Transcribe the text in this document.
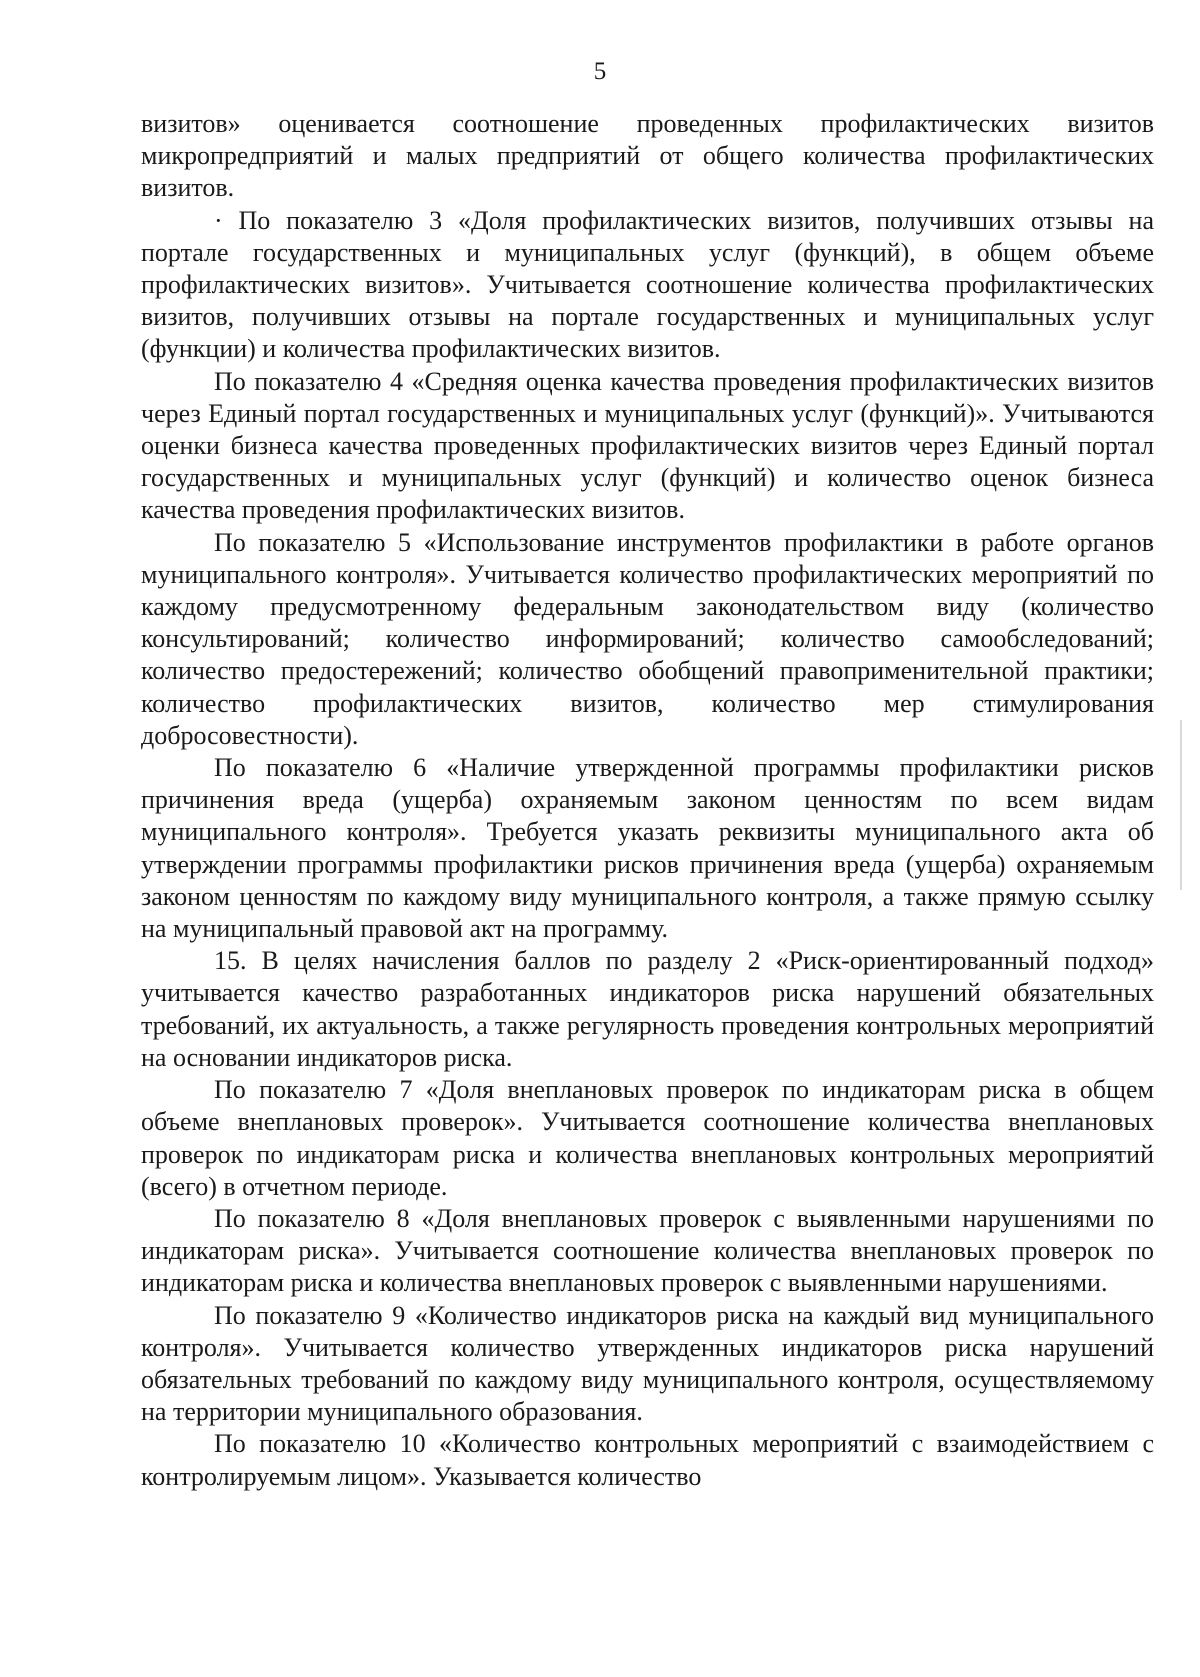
5

визитов» оценивается соотношение проведенных профилактических визитов микропредприятий и малых предприятий от общего количества профилактических визитов.

· По показателю 3 «Доля профилактических визитов, получивших отзывы на портале государственных и муниципальных услуг (функций), в общем объеме профилактических визитов». Учитывается соотношение количества профилактических визитов, получивших отзывы на портале государственных и муниципальных услуг (функции) и количества профилактических визитов.

По показателю 4 «Средняя оценка качества проведения профилактических визитов через Единый портал государственных и муниципальных услуг (функций)». Учитываются оценки бизнеса качества проведенных профилактических визитов через Единый портал государственных и муниципальных услуг (функций) и количество оценок бизнеса качества проведения профилактических визитов.

По показателю 5 «Использование инструментов профилактики в работе органов муниципального контроля». Учитывается количество профилактических мероприятий по каждому предусмотренному федеральным законодательством виду (количество консультирований; количество информирований; количество самообследований; количество предостережений; количество обобщений правоприменительной практики; количество профилактических визитов, количество мер стимулирования добросовестности).

По показателю 6 «Наличие утвержденной программы профилактики рисков причинения вреда (ущерба) охраняемым законом ценностям по всем видам муниципального контроля». Требуется указать реквизиты муниципального акта об утверждении программы профилактики рисков причинения вреда (ущерба) охраняемым законом ценностям по каждому виду муниципального контроля, а также прямую ссылку на муниципальный правовой акт на программу.

15. В целях начисления баллов по разделу 2 «Риск-ориентированный подход» учитывается качество разработанных индикаторов риска нарушений обязательных требований, их актуальность, а также регулярность проведения контрольных мероприятий на основании индикаторов риска.

По показателю 7 «Доля внеплановых проверок по индикаторам риска в общем объеме внеплановых проверок». Учитывается соотношение количества внеплановых проверок по индикаторам риска и количества внеплановых контрольных мероприятий (всего) в отчетном периоде.

По показателю 8 «Доля внеплановых проверок с выявленными нарушениями по индикаторам риска». Учитывается соотношение количества внеплановых проверок по индикаторам риска и количества внеплановых проверок с выявленными нарушениями.

По показателю 9 «Количество индикаторов риска на каждый вид муниципального контроля». Учитывается количество утвержденных индикаторов риска нарушений обязательных требований по каждому виду муниципального контроля, осуществляемому на территории муниципального образования.

По показателю 10 «Количество контрольных мероприятий с взаимодействием с контролируемым лицом». Указывается количество
